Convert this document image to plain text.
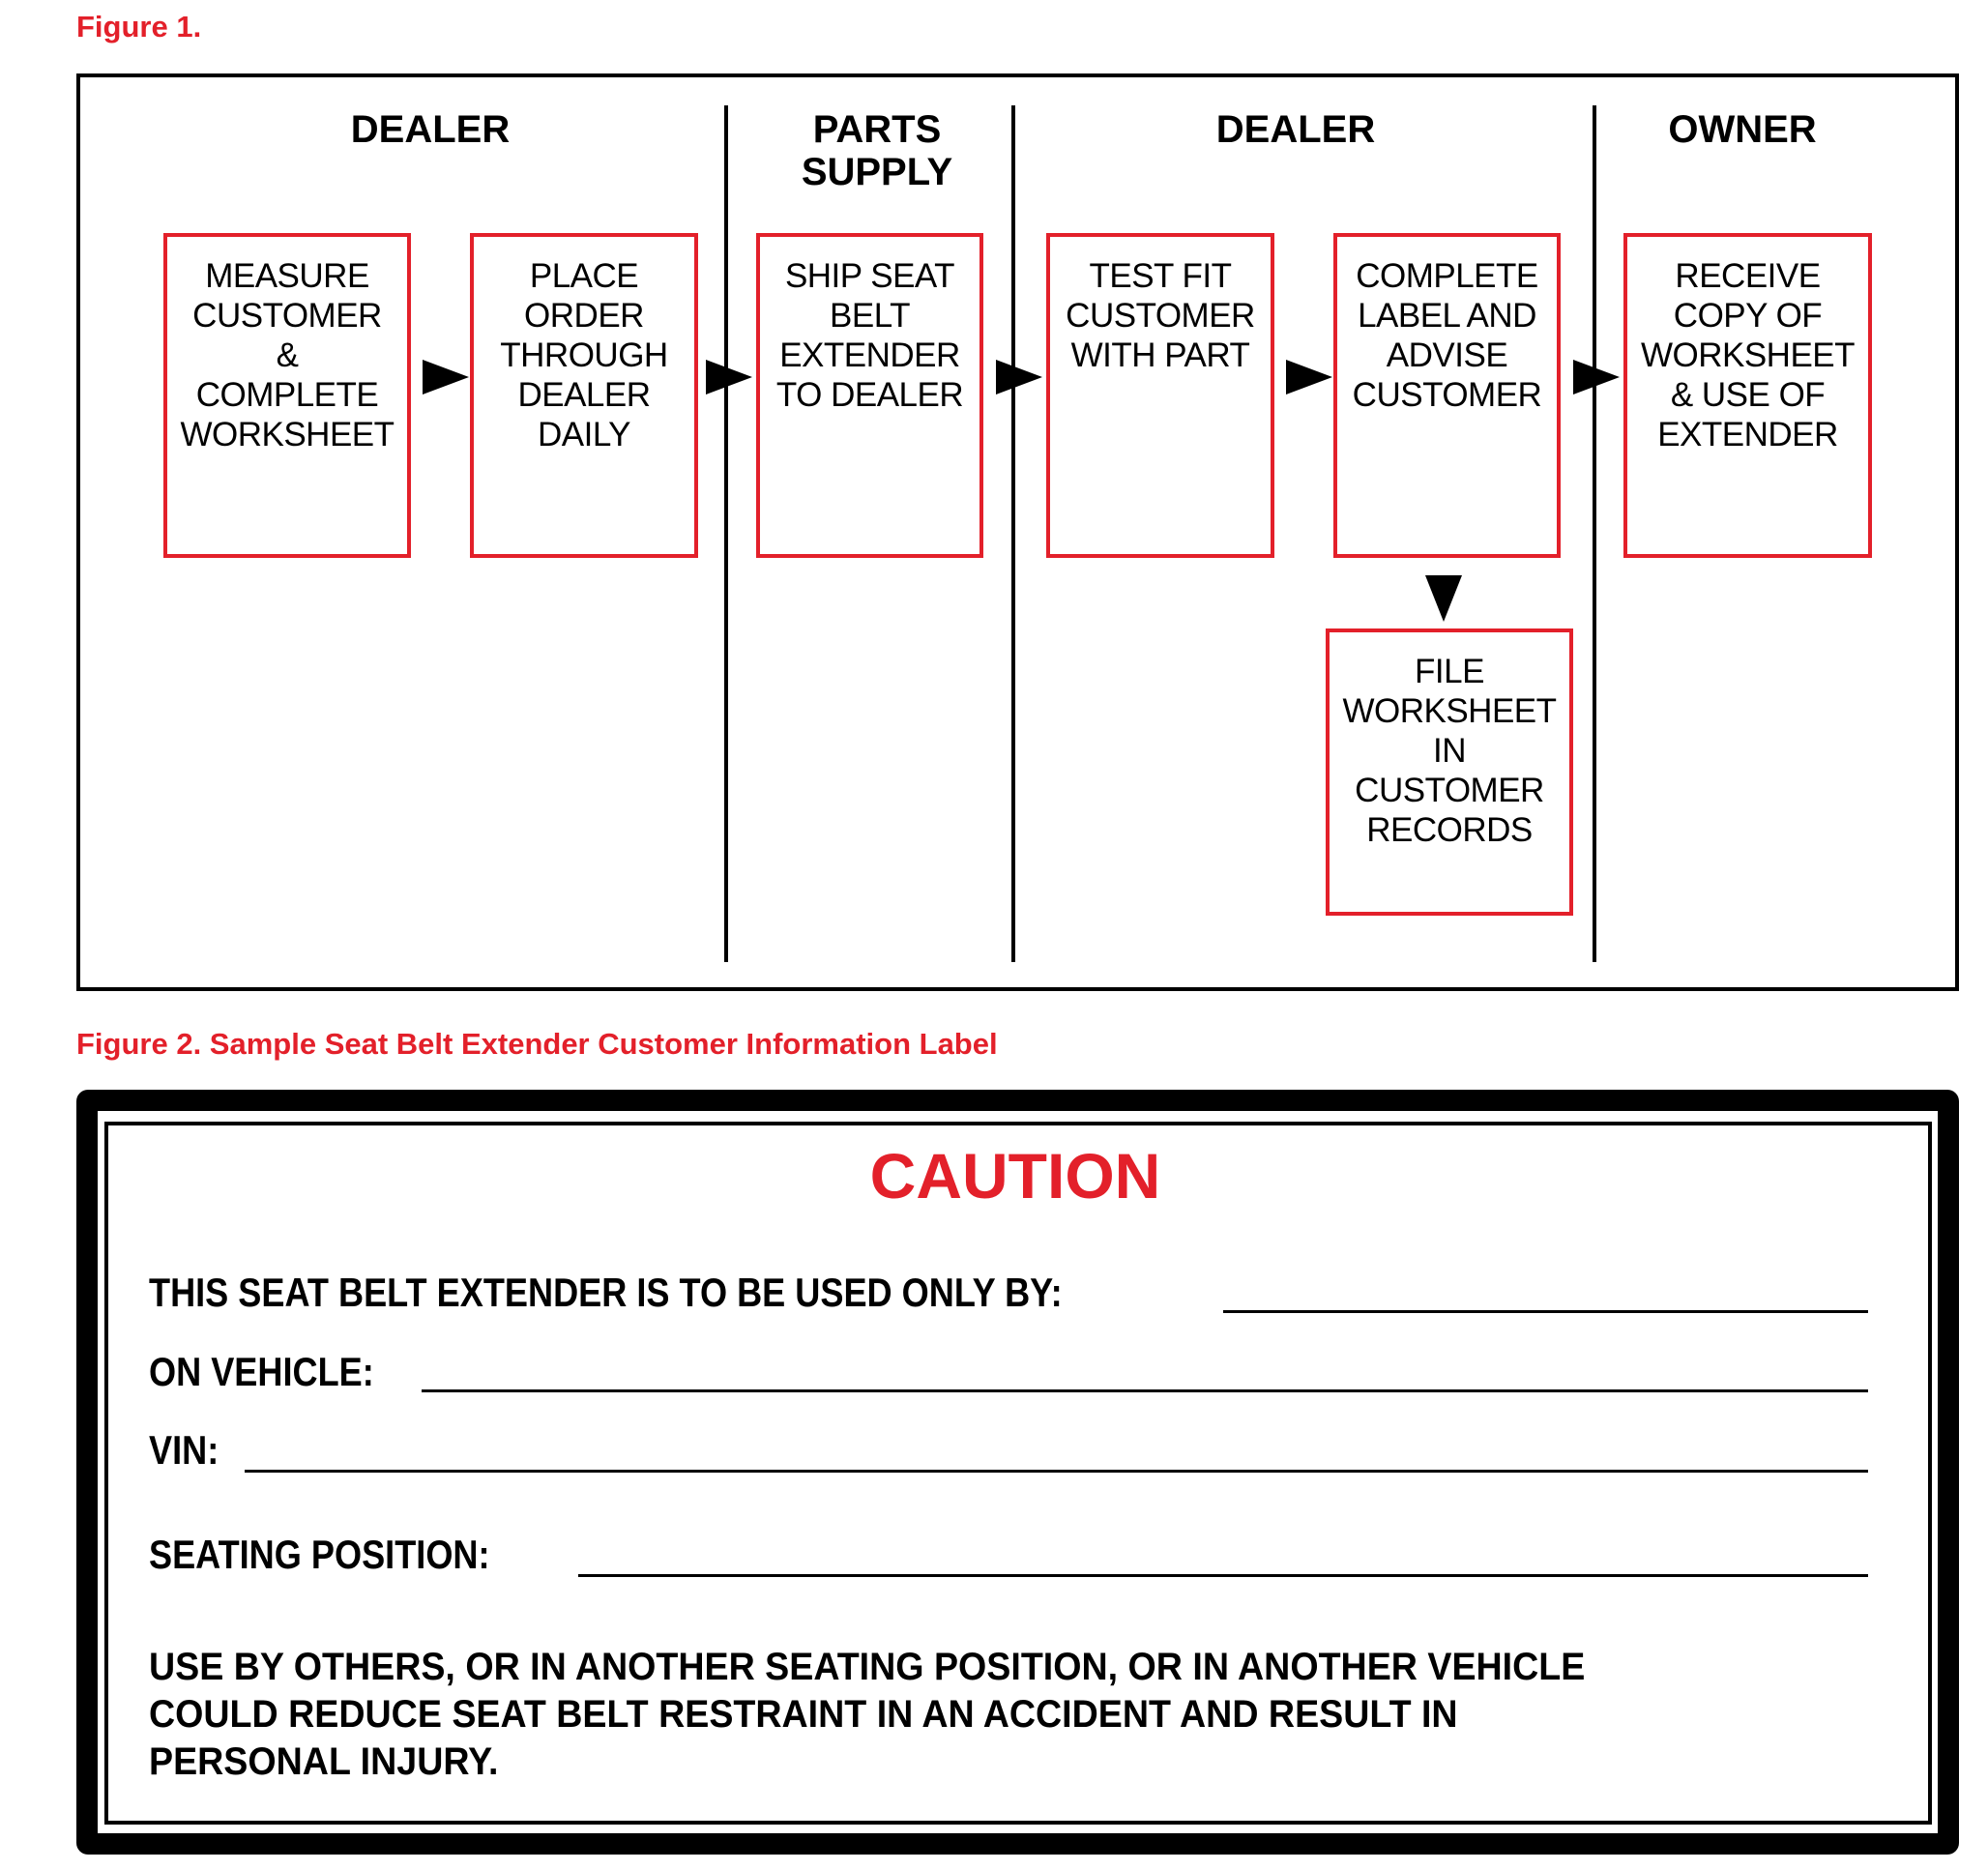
Figure 1.
DEALER	PARTS SUPPLY
DEALER	OWNER
MEASURE
CUSTOMER
&
COMPLETE
WORKSHEET
PLACE
ORDER
THROUGH
DEALER
DAILY
SHIP SEAT
BELT
EXTENDER
TO DEALER
TEST FIT
CUSTOMER
WITH PART
COMPLETE
LABEL AND
ADVISE
CUSTOMER
RECEIVE
COPY OF
WORKSHEET
& USE OF
EXTENDER
FILE
WORKSHEET
IN
CUSTOMER
RECORDS
Figure 2. Sample Seat Belt Extender Customer Information Label
CAUTION
THIS SEAT BELT EXTENDER IS TO BE USED ONLY BY:
ON VEHICLE:
VIN:
SEATING POSITION:
USE BY OTHERS, OR IN ANOTHER SEATING POSITION, OR IN ANOTHER VEHICLE
COULD REDUCE SEAT BELT RESTRAINT IN AN ACCIDENT AND RESULT IN
PERSONAL INJURY.
